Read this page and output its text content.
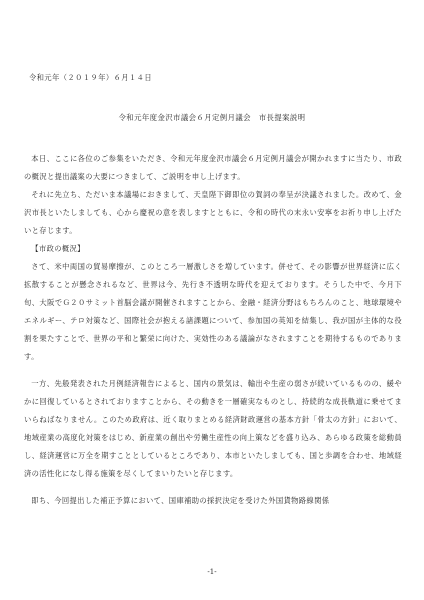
令和元年（２０１９年）６月１４日
令和元年度金沢市議会６月定例月議会　市長提案説明

本日、ここに各位のご参集をいただき、令和元年度金沢市議会６月定例月議会が開かれますに当たり、市政の概況と提出議案の大要につきまして、ご説明を申し上げます。

それに先立ち、ただいま本議場におきまして、天皇陛下御即位の賀詞の奉呈が決議されました。改めて、金沢市長といたしましても、心から慶祝の意を表しますとともに、令和の時代の末永い安寧をお祈り申し上げたいと存じます。

【市政の概況】

さて、米中両国の貿易摩擦が、このところ一層激しさを増しています。併せて、その影響が世界経済に広く拡散することが懸念されるなど、世界は今、先行き不透明な時代を迎えております。そうした中で、今月下旬、大阪でＧ２０サミット首脳会議が開催されますことから、金融・経済分野はもちろんのこと、地球環境やエネルギー、テロ対策など、国際社会が抱える諸課題について、参加国の英知を結集し、我が国が主体的な役割を果たすことで、世界の平和と繁栄に向けた、実効性のある議論がなされますことを期待するものであります。

一方、先般発表された月例経済報告によると、国内の景気は、輸出や生産の弱さが続いているものの、緩やかに回復しているとされておりますことから、その動きを一層確実なものとし、持続的な成長軌道に乗せてまいらねばなりません。このため政府は、近く取りまとめる経済財政運営の基本方針「骨太の方針」において、地域産業の高度化対策をはじめ、新産業の創出や労働生産性の向上策などを盛り込み、あらゆる政策を総動員し、経済運営に万全を期すこととしているところであり、本市といたしましても、国と歩調を合わせ、地域経済の活性化になし得る施策を尽くしてまいりたいと存じます。

即ち、今回提出した補正予算において、国庫補助の採択決定を受けた外国貨物路線関係

-1-
